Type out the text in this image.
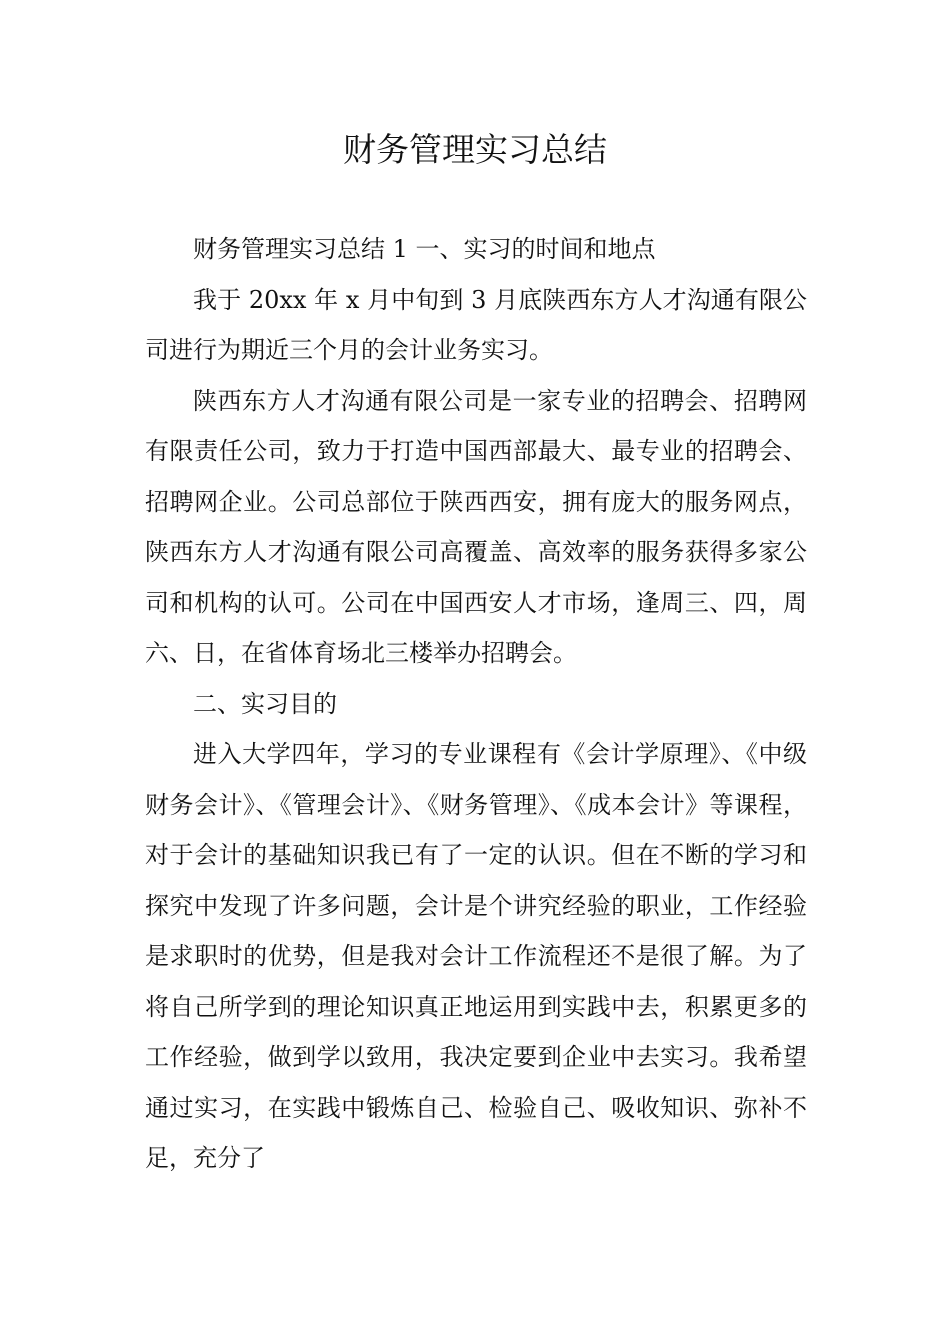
财务管理实习总结

财务管理实习总结 1 一、实习的时间和地点

我于 20xx 年 x 月中旬到 3 月底陕西东方人才沟通有限公司进行为期近三个月的会计业务实习。

陕西东方人才沟通有限公司是一家专业的招聘会、招聘网有限责任公司，致力于打造中国西部最大、最专业的招聘会、招聘网企业。公司总部位于陕西西安，拥有庞大的服务网点，陕西东方人才沟通有限公司高覆盖、高效率的服务获得多家公司和机构的认可。公司在中国西安人才市场，逢周三、四，周六、日，在省体育场北三楼举办招聘会。

二、实习目的

进入大学四年，学习的专业课程有《会计学原理》、《中级财务会计》、《管理会计》、《财务管理》、《成本会计》等课程，对于会计的基础知识我已有了一定的认识。但在不断的学习和探究中发现了许多问题，会计是个讲究经验的职业，工作经验是求职时的优势，但是我对会计工作流程还不是很了解。为了将自己所学到的理论知识真正地运用到实践中去，积累更多的工作经验，做到学以致用，我决定要到企业中去实习。我希望通过实习，在实践中锻炼自己、检验自己、吸收知识、弥补不足，充分了
